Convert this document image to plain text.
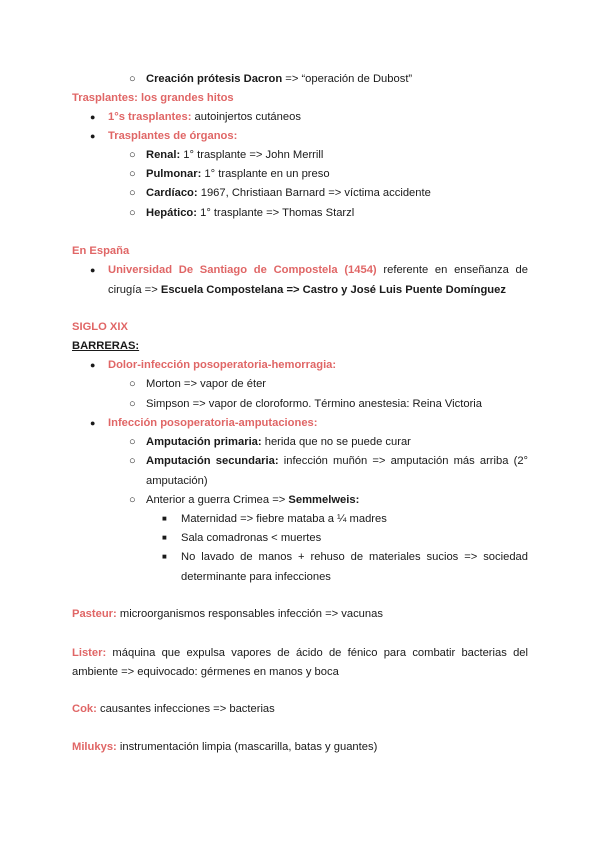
○ Creación prótesis Dacron => “operación de Dubost”
Trasplantes: los grandes hitos
● 1°s trasplantes: autoinjertos cutáneos
● Trasplantes de órganos:
○ Renal: 1° trasplante => John Merrill
○ Pulmonar: 1° trasplante en un preso
○ Cardíaco: 1967, Christiaan Barnard => víctima accidente
○ Hepático: 1° trasplante => Thomas Starzl
En España
● Universidad De Santiago de Compostela (1454) referente en enseñanza de
cirugía => Escuela Compostelana => Castro y José Luis Puente Domínguez
SIGLO XIX
BARRERAS:
● Dolor-infección posoperatoria-hemorragia:
○ Morton => vapor de éter
○ Simpson => vapor de cloroformo. Término anestesia: Reina Victoria
● Infección posoperatoria-amputaciones:
○ Amputación primaria: herida que no se puede curar
○ Amputación secundaria: infección muñón => amputación más arriba (2°
amputación)
○ Anterior a guerra Crimea => Semmelweis:
■ Maternidad => fiebre mataba a ¼ madres
■ Sala comadronas < muertes
■ No lavado de manos + rehuso de materiales sucios => sociedad
determinante para infecciones
Pasteur: microorganismos responsables infección => vacunas
Lister: máquina que expulsa vapores de ácido de fénico para combatir bacterias del
ambiente => equivocado: gérmenes en manos y boca
Cok: causantes infecciones => bacterias
Milukys: instrumentación limpia (mascarilla, batas y guantes)
